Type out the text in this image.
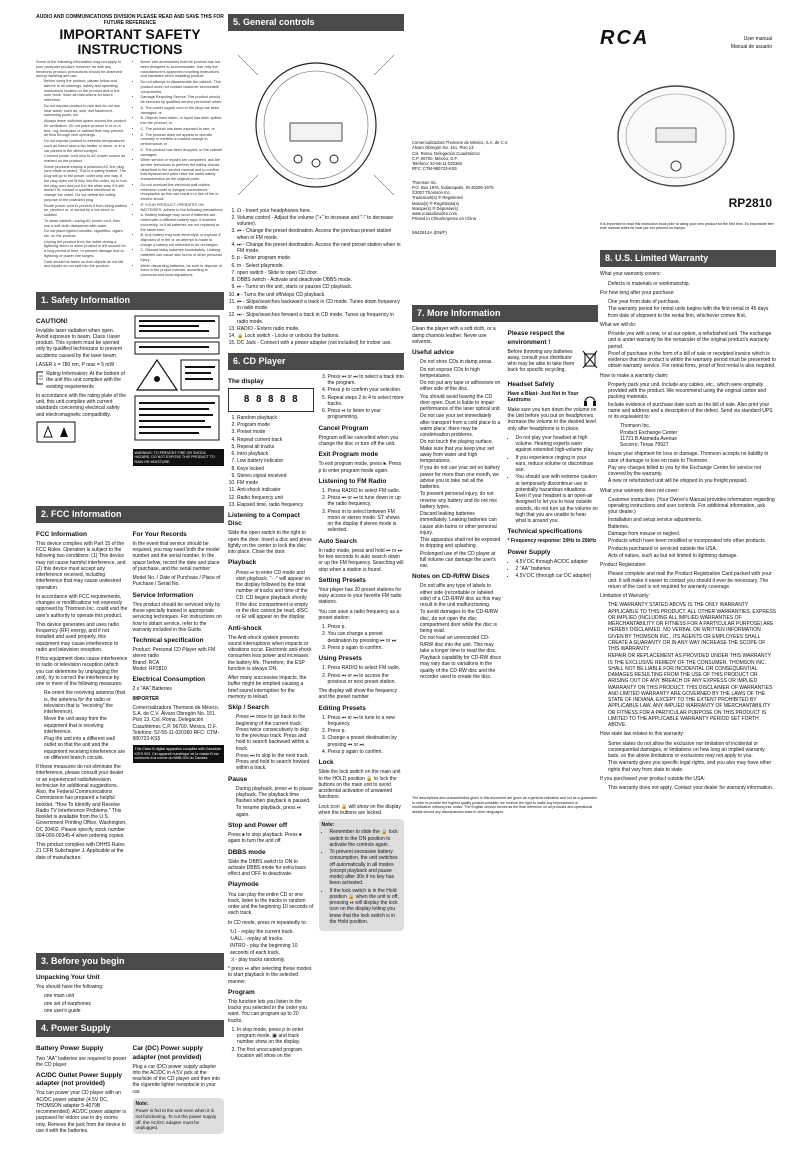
AUDIO AND COMMUNICATIONS DIVISION PLEASE READ AND SAVE THIS FOR FUTURE REFERENCE
IMPORTANT SAFETY
INSTRUCTIONS
Some of the following information may not apply to your particular product; however, as with any electronic product, precautions should be observed during handling and use.
• Before using the product, please follow and adhere to all warnings, safety and operating instructions located on the product and in the user book. Save all instructions for future reference.
• Do not expose product to rain and do not use near water; such as, sink, wet basement, swimming pools, etc.
• Always leave sufficient space around the product for ventilation. Do not place product in or on a bed, rug, bookcase or cabinet that may prevent air flow through vent openings.
• Do not expose product to extreme temperatures such as found near a fan heater or stove, or in a car parked in the direct sunlight.
• Connect power cord only to AC power source as marked on the product.
• Some products employ a polarized AC line plug (one blade is wider). This is a safety feature. The plug will go in the power outlet only one way. If the plug does not fit fully into the outlet, try to turn the plug over and put it in the other way. If it still doesn't fit, contact a qualified electrician to change the outlet. Do not defeat the safety purpose of the polarized plug.
• Route power cord to prevent it from being walked on, pinched or, or sorted by a hot stove or radiator.
• To clean cabinet, unplug AC power cord, then use a soft cloth dampened with water.
• Do not place lighted candles, cigarettes, cigars, etc. on the product.
• Unplug the product from the outlet during a lightning storm or when product is left unused for a long period of time, to prevent damage due to lightning or power line surges.
• Care should be taken so that objects do not fall and liquids do not spill into the product.
• Never add accessories that the product has not been designed to accommodate. Use only the manufacturer's approved mounting instructions and hardware when installing product.
• Do not attempt to disassemble the cabinet. This product does not contain customer serviceable components.
• Damage Requiring Service-This product should be serviced by qualified service personnel when:
• A. The power supply cord or the plug has been damaged; or
• B. Objects have fallen, or liquid has been spilled into the product; or
• C. The product has been exposed to rain; or
• D. The product does not appear to operate normally or exhibits a marked change in performance; or
• E. The product has been dropped, or the cabinet damaged.
• When service or repairs are completed, ask the service technician to perform the safety checks described in the service manual and to confirm that replacement parts have the same safety characteristics as the original parts.
• Do not overload the electrical wall outlets, extension cords or integral convenience receptacles as this can result in a risk of fire or electric shock.
• IF YOUR PRODUCT OPERATES ON BATTERIES, adhere to the following precautions:
• A. Battery leakage may occur if batteries are mixed with a different battery type, if inserted incorrectly, or if all batteries are not replaced at the same time.
• B. Any battery may leak electrolyte or explode if disposed of in fire or an attempt is made to charge a battery not intended to be recharged.
• C. Discard leaky batteries immediately. Leaking batteries can cause skin burns or other personal injury.
• When discarding batteries, be sure to dispose of them in the proper manner, according to provincial and local regulations.
1. Safety Information
CAUTION!
Invisible laser radiation when open. Avoid exposure to beam. Class I laser product. This system must be opened only by qualified technicians to prevent accidents caused by the laser beam.
LASER λ = 780 nm, P max = 5 mW
Rating Information: At the bottom of the unit this unit complies with the existing requirements
In accordance with the rating plate of the unit, this unit complies with current standards concerning electrical safety and electromagnetic compatibility.
WARNING: TO PREVENT FIRE OR SHOCK HAZARD, DO NOT EXPOSE THIS PRODUCT TO RAIN OR MOISTURE.
2. FCC Information
FCC Information
This device complies with Part 15 of the FCC Rules. Operation is subject to the following two conditions: (1) This device may not cause harmful interference, and (2) this device must accept any interference received, including interference that may cause undesired operation.
In accordance with FCC requirements, changes or modifications not expressly approved by Thomson Inc. could void the user's authority to operate this product.
This device generates and uses radio frequency (RF) energy, and if not installed and used properly, this equipment may cause interference to radio and television reception.
If this equipment does cause interference to radio or television reception (which you can determine by unplugging the unit), try to correct the interference by one or more of the following measures:
• Re-orient the receiving antenna (that is, the antenna for the radio or television that is "receiving" the interference).
• Move the unit away from the equipment that is receiving interference.
• Plug the unit into a different wall outlet so that the unit and the equipment receiving interference are on different branch circuits.
If these measures do not eliminate the interference, please consult your dealer or an experienced radio/television technician for additional suggestions. Also, the Federal Communications Commission has prepared a helpful booklet, "How To Identify and Resolve Radio TV Interference Problems." This booklet is available from the U.S. Government Printing Office, Washington, DC 20402. Please specify stock number 004-000-00345-4 when ordering copies.
This product complies with DHHS Rules 21 CFR Subchapter J. Applicable at the date of manufacture.
For Your Records
In the event that service should be required, you may need both the model number and the serial number. In the space below, record the date and place of purchase, and the serial number:
Model No. / Date of Purchase / Place of Purchase / Serial No.
Service Information
This product should be serviced only by those specially trained in appropriate servicing techniques. For instructions on how to obtain service, refer to the warranty included in this Guide.
Technical specification
Product: Personal CD Player with FM stereo radio
Brand: RCA
Model: RP2810
Electrical Consumption
2 x "AA" Batteries
IMPORTER
Comercializadora Thomson de México, S.A. de C.V. Álvaro Obregón No. 151. Piso 13. Col. Roma. Delegación Cuauhtémoc C.P. 06700. México, D.F. Telefono: 52-55-11-020360 RFC: CTM-980723-KS5
This Class B digital apparatus complies with Canadian ICES-003. Cet appareil numérique de la classe B est conforme à la norme du NMB-003 du Canada.
3. Before you begin
Unpacking Your Unit
You should have the following:
• one main unit
• one set of earphones
• one user's guide
4. Power Supply
Battery Power Supply
Two "AA" batteries are required to power the CD player
AC/DC Outlet Power Supply adapter (not provided)
You can power your CD player with an AC/DC power adapter (4.5V DC, THOMSON adapter 5-4079B recommended). AC/DC power adapter is purposed for indoor use in dry rooms only. Remove the jack from the device to use it with the batteries.
Car (DC) Power supply adapter (not provided)
Plug a car (DC) power supply adapter into the AC/DC in 4.5V jack at the rear/side of the CD player and then into the cigarette lighter receptacle in your car.
Note:
Power is fed to the unit even when it is not functioning. To cut the power supply off, the AC/DC adapter must be unplugged.
5. General controls
1. ☊ - Insert your headphones here.
2. Volume control - Adjust the volume ("+" to increase and "-" to decrease volume).
3. ⏮ - Change the preset destination. Access the previous preset station when in FM mode.
4. ⏭ - Change the preset destination. Access the next preset station when in FM mode.
5. p - Enter program mode.
6. m - Select playmode.
7. open switch - Slide to open CD door.
8. DBBS switch - Activate and deactivate DBBS mode.
9. ⏯ - Turns on the unit, starts or pauses CD playback.
10. ⏹ - Turns the unit off/stops CD playback.
11. ⏮ - Skips/searches backward a track in CD mode. Tunes down frequency in radio mode.
12. ⏭ - Skips/searches forward a track in CD mode. Tunes up frequency in radio mode.
13. RADIO - Enters radio mode.
14. 🔒 Lock switch - Locks or unlocks the buttons.
15. DC Jack - Connect with a power adapter (not included) for indoor use.
6. CD Player
The display
8 8 8 8 8
1. Random playback
2. Program mode
3. Preset mode
4. Repeat current track
5. Repeat all tracks
6. Intro playback
7. Low battery indicator
8. Keys locked
9. Stereo signal received
10. FM mode
11. Anti-shock indicator
12. Radio frequency unit
13. Elapsed time, radio frequency
Listening to a Compact Disc
Slide the open switch to the right to open the door. Insert a disc and press lightly on the center to lock the disc into place. Close the door.
Playback
• Press ⏯ to enter CD mode and start playback. "- -" will appear on the display followed by the total number of tracks and time of the CD. CD begins playback shortly.
• If the disc compartment is empty or the disc cannot be read, dISC or Er will appear on the display.
Anti-shock
The Anti-shock system prevents sound interruptions when impacts or vibrations occur. Electronic anti-shock consumes less power and increases the battery life. Therefore, the ESP function is always ON.
After many successive impacts, the buffer might be emptied causing a brief sound interruption for the memory to reload.
Skip / Search
• Press ⏮ once to go back to the beginning of the current track. Press twice consecutively to skip to the previous track. Press and hold to search backward within a track.
• Press ⏭ to skip to the next track. Press and hold to search forward within a track.
Pause
• During playback, press ⏯ to pause playback. The playback time flashes when playback is paused.
• To resume playback, press ⏯ again.
Stop and Power off
Press ⏹ to stop playback. Press ⏹ again to turn the unit off.
DBBS mode
Slide the DBBS switch to ON to activate DBBS mode for extra bass effect and OFF to deactivate.
Playmode
You can play the entire CD or one track, listen to the tracks in random order and the beginning 10 seconds of each track.
In CD mode, press m repeatedly to:
↻1 - replay the current track.
↻ALL - replay all tracks.
INTRO - play the beginning 10 seconds of each track.
⤨ - play tracks randomly.
* press ⏯ after selecting these modes to start playback in the selected manner.
Program
This function lets you listen to the tracks you selected in the order you want. You can program up to 20 tracks.
1. In stop mode, press p to enter program mode. ▣ and track number show on the display.
2. The first unoccupied program location will show on the
3. Press ⏮ or ⏭ to select a track into the program.
4. Press p to confirm your selection.
5. Repeat steps 2 to 4 to select more tracks.
6. Press ⏯ to listen to your programming.
Cancel Program
Program will be cancelled when you change the disc or turn off the unit.
Exit Program mode
To exit program mode, press ⏹. Press p to enter program mode again.
Listening to FM Radio
1. Press RADIO to select FM radio.
2. Press ⏮ or ⏭ to tune down or up the radio frequency.
3. Press m to select between FM mono or stereo mode. ST shows on the display if stereo mode is selected.
Auto Search
In radio mode, press and hold ⏮ or ⏭ for two seconds to auto search down or up the FM frequency. Searching will stop when a station is found.
Setting Presets
Your player has 20 preset stations for easy access to your favorite FM radio stations.
You can save a radio frequency as a preset station:
1. Press p.
2. You can change a preset destination by pressing ⏮ or ⏭.
3. Press p again to confirm.
Using Presets
1. Press RADIO to select FM radio.
2. Press ⏮ or ⏭ to access the previous or next preset station.
The display will show the frequency and the preset number.
Editing Presets
1. Press ⏮ or ⏭ to tune to a new frequency.
2. Press p.
3. Change a preset destination by pressing ⏮ or ⏭.
4. Press p again to confirm.
Lock
Slide the lock switch on the main unit to the HOLD position 🔒 to lock the buttons on the main unit to avoid accidental activation of unwanted functions.
Lock icon 🔒 will show on the display when the buttons are locked.
Note:
• Remember to slide the 🔒 lock switch to the ON position to activate the controls again.
• To prevent excessive battery consumption, the unit switches off automatically in all modes (except playback and pause mode) after 30s if no key has been activated.
• If the lock switch is in the Hold position 🔒 when the unit is off, pressing ⏯ will display the lock icon on the display letting you know that the lock switch is in the Hold position.
Comercializadora Thomson de México, S.A. de C.V.
Álvaro Obregón No. 151. Piso 13.
Col. Roma. Delegación Cuauhtémoc
C.P. 06700. México, D.F.
Telefono: 52-55-11-020360
RFC: CTM-980723-KS5
Thomson Inc.
P.O. Box 1976, Indianapolis, IN 46206-1976
©2007 Thomson Inc.
Trademark(s) ® Registered
Marca(s) ® Registrada(s)
Marque(s) ® Déposée(s)
www.rcaaudiovideo.com
Printed in China/Impreso en China
5642614A (EN/F)
7. More Information
Clean the player with a soft cloth, or a damp chamois leather. Never use solvents.
Useful advice
• Do not store CDs in damp areas.
• Do not expose CDs to high temperatures.
• Do not put any tape or adhesives on either side of the disc.
• You should avoid leaving the CD door open. Dust is liable to impair performance of the laser optical unit.
• Do not use your set immediately after transport from a cold place to a warm place: there may be condensation problems.
• Do not touch the playing surface. Make sure that you keep your set away from water and high temperatures.
• If you do not use your set on battery power for more than one month, we advise you to take out all the batteries.
• To prevent personal injury, do not reverse any battery and do not mix battery types.
• Discard leaking batteries immediately. Leaking batteries can cause skin burns or other personal injury.
• This apparatus shall not be exposed to dripping and splashing.
• Prolonged use of the CD player at full volume can damage the user's ear.
Notes on CD-R/RW Discs
• Do not affix any type of labels to either side (recordable or labeled side) of a CD-R/RW disc as this may result in the unit malfunctioning.
• To avoid damages to the CD-R/RW disc, do not open the disc compartment door while the disc is being read.
• Do not load an unrecorded CD-R/RW disc into the unit. This may take a longer time to read the disc.
• Playback capability for CD-RW discs may vary due to variations in the quality of the CD-RW disc and the recorder used to create the disc.
Please respect the environment !
Before throwing any batteries away, consult your distributor who may be able to take them back for specific recycling.
Headset Safety
Have a Blast- Just Not in Your Eardrums
Make sure you turn down the volume on the unit before you put on headphones. Increase the volume to the desired level only after headphone is in place.
• Do not play your headset at high volume. Hearing experts warn against extended high-volume play.
• If you experience ringing in your ears, reduce volume or discontinue use.
• You should use with extreme caution or temporarily discontinue use in potentially hazardous situations. Even if your headset is an open-air designed to let you to hear outside sounds, do not turn up the volume so high that you are unable to hear what is around you.
Technical specifications
* Frequency response: 20Hz to 20kHz
Power Supply
• 4.5V DC through AC/DC adapter
• 2 "AA" batteries
• 4.5V DC (through car DC adapter)
The descriptions and characteristics given in this document are given as a general indication and not as a guarantee. In order to provide the highest quality product possible, we reserve the right to make any improvement or modification without prior notice. The English version serves as the final reference on all products and operational details should any discrepancies arise in other languages.
RCA	User manual
Manual de usuario
RP2810
It is important to read this instruction book prior to using your new product for the first time. Es importante leer este manual antes de usar por vez primera su equipo.
8. U.S. Limited Warranty
What your warranty covers:
• Defects in materials or workmanship.
For how long after your purchase:
• One year from date of purchase.
• The warranty period for rental units begins with the first rental or 45 days from date of shipment to the rental firm, whichever comes first.
What we will do:
• Provide you with a new, or at our option, a refurbished unit. The exchange unit is under warranty for the remainder of the original product's warranty period.
• Proof of purchase in the form of a bill of sale or receipted invoice which is evidence that the product is within the warranty period must be presented to obtain warranty service. For rental firms, proof of first rental is also required.
How to make a warranty claim:
• Properly pack your unit. Include any cables, etc., which were originally provided with the product. We recommend using the original carton and packing materials.
• Include evidence of purchase date such as the bill of sale. Also print your name and address and a description of the defect. Send via standard UPS or its equivalent to:
Thomson Inc.
Product Exchange Center
11721 B Alameda Avenue
Socorro, Texas 79927
• Insure your shipment for loss or damage. Thomson accepts no liability in case of damage or loss en route to Thomson.
• Pay any charges billed to you by the Exchange Center for service not covered by the warranty.
• A new or refurbished unit will be shipped to you freight prepaid.
What your warranty does not cover:
• Customer instruction. (Your Owner's Manual provides information regarding operating instructions and user controls. For additional information, ask your dealer.)
• Installation and setup service adjustments.
• Batteries.
• Damage from misuse or neglect.
• Products which have been modified or incorporated into other products.
• Products purchased or serviced outside the USA.
• Acts of nature, such as but not limited to lightning damage.
Product Registration:
• Please complete and mail the Product Registration Card packed with your unit. It will make it easier to contact you should it ever be necessary. The return of the card is not required for warranty coverage.
Limitation of Warranty:
• THE WARRANTY STATED ABOVE IS THE ONLY WARRANTY APPLICABLE TO THIS PRODUCT. ALL OTHER WARRANTIES, EXPRESS OR IMPLIED (INCLUDING ALL IMPLIED WARRANTIES OF MERCHANTABILITY OR FITNESS FOR A PARTICULAR PURPOSE) ARE HEREBY DISCLAIMED. NO VERBAL OR WRITTEN INFORMATION GIVEN BY THOMSON INC., ITS AGENTS OR EMPLOYEES SHALL CREATE A GUARANTY OR IN ANY WAY INCREASE THE SCOPE OF THIS WARRANTY.
• REPAIR OR REPLACEMENT AS PROVIDED UNDER THIS WARRANTY IS THE EXCLUSIVE REMEDY OF THE CONSUMER. THOMSON INC. SHALL NOT BE LIABLE FOR INCIDENTAL OR CONSEQUENTIAL DAMAGES RESULTING FROM THE USE OF THIS PRODUCT OR ARISING OUT OF ANY BREACH OF ANY EXPRESS OR IMPLIED WARRANTY ON THIS PRODUCT. THIS DISCLAIMER OF WARRANTIES AND LIMITED WARRANTY ARE GOVERNED BY THE LAWS OF THE STATE OF INDIANA. EXCEPT TO THE EXTENT PROHIBITED BY APPLICABLE LAW, ANY IMPLIED WARRANTY OF MERCHANTABILITY OR FITNESS FOR A PARTICULAR PURPOSE ON THIS PRODUCT IS LIMITED TO THE APPLICABLE WARRANTY PERIOD SET FORTH ABOVE.
How state law relates to this warranty:
• Some states do not allow the exclusion nor limitation of incidental or consequential damages, or limitations on how long an implied warranty lasts, so the above limitations or exclusions may not apply to you.
• This warranty gives you specific legal rights, and you also may have other rights that vary from state to state.
If you purchased your product outside the USA:
• This warranty does not apply. Contact your dealer for warranty information.
